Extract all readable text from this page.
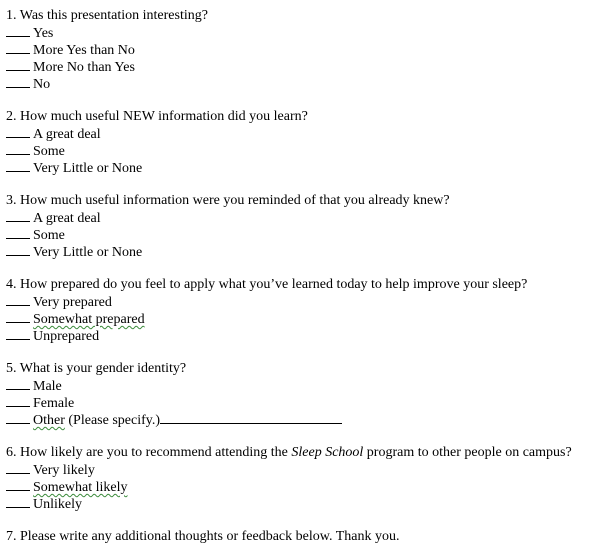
1. Was this presentation interesting?
Yes
More Yes than No
More No than Yes
No
2. How much useful NEW information did you learn?
A great deal
Some
Very Little or None
3. How much useful information were you reminded of that you already knew?
A great deal
Some
Very Little or None
4. How prepared do you feel to apply what you’ve learned today to help improve your sleep?
Very prepared
Somewhat prepared
Unprepared
5. What is your gender identity?
Male
Female
Other (Please specify.)
6. How likely are you to recommend attending the Sleep School program to other people on campus?
Very likely
Somewhat likely
Unlikely
7. Please write any additional thoughts or feedback below. Thank you.
